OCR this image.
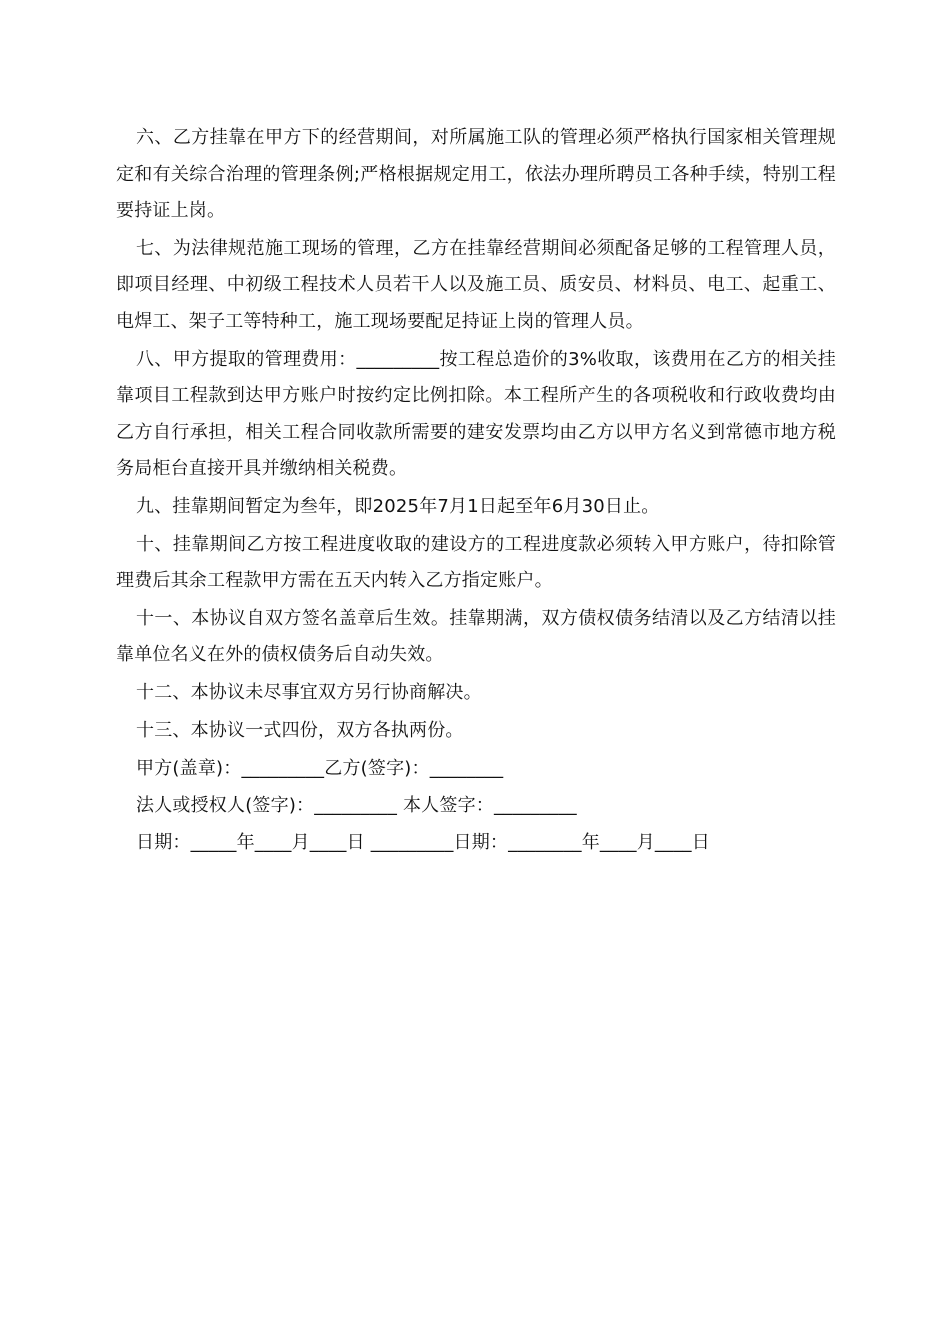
六、乙方挂靠在甲方下的经营期间，对所属施工队的管理必须严格执行国家相关管理规定和有关综合治理的管理条例;严格根据规定用工，依法办理所聘员工各种手续，特别工程要持证上岗。

七、为法律规范施工现场的管理，乙方在挂靠经营期间必须配备足够的工程管理人员，即项目经理、中初级工程技术人员若干人以及施工员、质安员、材料员、电工、起重工、电焊工、架子工等特种工，施工现场要配足持证上岗的管理人员。

八、甲方提取的管理费用：_________按工程总造价的3%收取，该费用在乙方的相关挂靠项目工程款到达甲方账户时按约定比例扣除。本工程所产生的各项税收和行政收费均由乙方自行承担，相关工程合同收款所需要的建安发票均由乙方以甲方名义到常德市地方税务局柜台直接开具并缴纳相关税费。

九、挂靠期间暂定为叁年，即2025年7月1日起至年6月30日止。

十、挂靠期间乙方按工程进度收取的建设方的工程进度款必须转入甲方账户，待扣除管理费后其余工程款甲方需在五天内转入乙方指定账户。

十一、本协议自双方签名盖章后生效。挂靠期满，双方债权债务结清以及乙方结清以挂靠单位名义在外的债权债务后自动失效。

十二、本协议未尽事宜双方另行协商解决。

十三、本协议一式四份，双方各执两份。

甲方(盖章)：_________乙方(签字)：________
法人或授权人(签字)：_________ 本人签字：_________
日期：_____年____月____日 _________日期：________年____月____日
